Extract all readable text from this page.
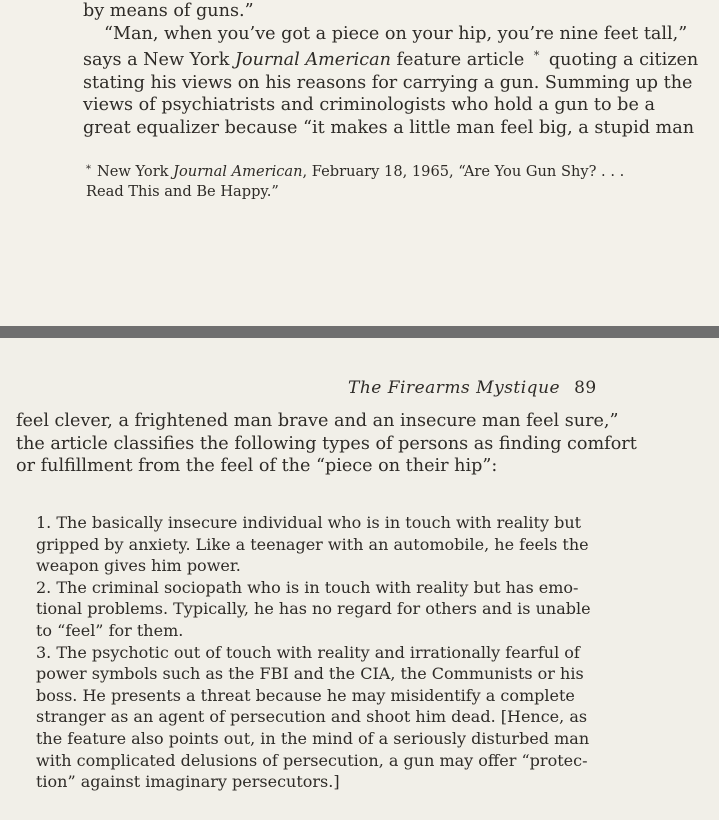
by means of guns.”
“Man, when you’ve got a piece on your hip, you’re nine feet tall,”
says a New York Journal American feature article * quoting a citizen
stating his views on his reasons for carrying a gun. Summing up the
views of psychiatrists and criminologists who hold a gun to be a
great equalizer because “it makes a little man feel big, a stupid man
* New York Journal American, February 18, 1965, “Are You Gun Shy? . . .
Read This and Be Happy.”
The Firearms Mystique 89
feel clever, a frightened man brave and an insecure man feel sure,”
the article classifies the following types of persons as finding comfort
or fulfillment from the feel of the “piece on their hip”:
1. The basically insecure individual who is in touch with reality but
gripped by anxiety. Like a teenager with an automobile, he feels the
weapon gives him power.
2. The criminal sociopath who is in touch with reality but has emo-
tional problems. Typically, he has no regard for others and is unable
to “feel” for them.
3. The psychotic out of touch with reality and irrationally fearful of
power symbols such as the FBI and the CIA, the Communists or his
boss. He presents a threat because he may misidentify a complete
stranger as an agent of persecution and shoot him dead. [Hence, as
the feature also points out, in the mind of a seriously disturbed man
with complicated delusions of persecution, a gun may offer “protec-
tion” against imaginary persecutors.]
